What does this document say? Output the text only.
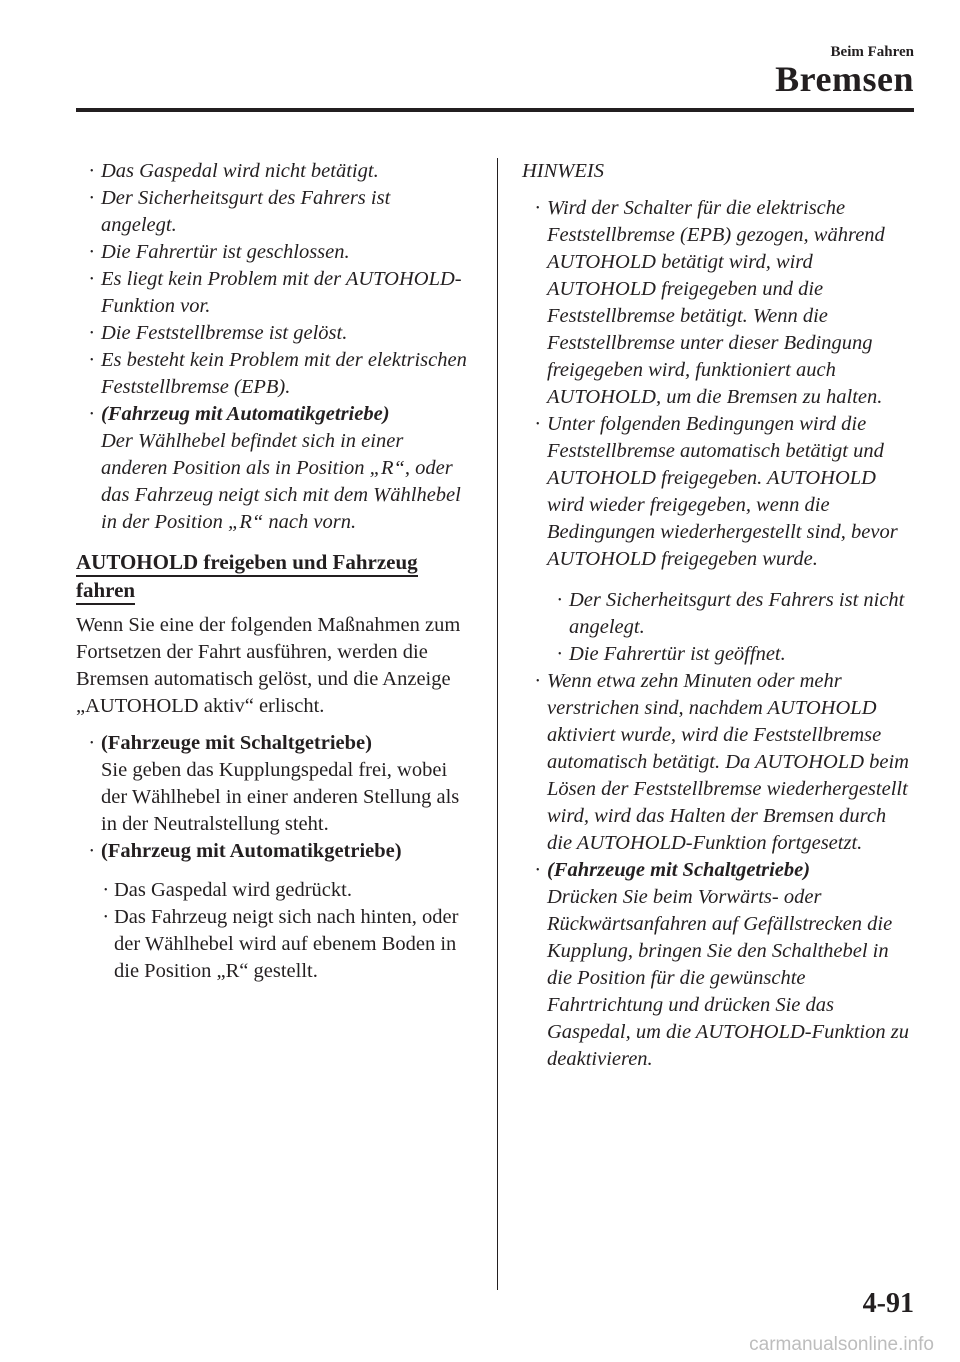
Beim Fahren
Bremsen
• Das Gaspedal wird nicht betätigt.
• Der Sicherheitsgurt des Fahrers ist angelegt.
• Die Fahrertür ist geschlossen.
• Es liegt kein Problem mit der AUTOHOLD-Funktion vor.
• Die Feststellbremse ist gelöst.
• Es besteht kein Problem mit der elektrischen Feststellbremse (EPB).
• (Fahrzeug mit Automatikgetriebe)
Der Wählhebel befindet sich in einer anderen Position als in Position „R“, oder das Fahrzeug neigt sich mit dem Wählhebel in der Position „R“ nach vorn.
AUTOHOLD freigeben und Fahrzeug fahren
Wenn Sie eine der folgenden Maßnahmen zum Fortsetzen der Fahrt ausführen, werden die Bremsen automatisch gelöst, und die Anzeige „AUTOHOLD aktiv“ erlischt.
• (Fahrzeuge mit Schaltgetriebe)
Sie geben das Kupplungspedal frei, wobei der Wählhebel in einer anderen Stellung als in der Neutralstellung steht.
• (Fahrzeug mit Automatikgetriebe)
• Das Gaspedal wird gedrückt.
• Das Fahrzeug neigt sich nach hinten, oder der Wählhebel wird auf ebenem Boden in die Position „R“ gestellt.
HINWEIS
• Wird der Schalter für die elektrische Feststellbremse (EPB) gezogen, während AUTOHOLD betätigt wird, wird AUTOHOLD freigegeben und die Feststellbremse betätigt. Wenn die Feststellbremse unter dieser Bedingung freigegeben wird, funktioniert auch AUTOHOLD, um die Bremsen zu halten.
• Unter folgenden Bedingungen wird die Feststellbremse automatisch betätigt und AUTOHOLD freigegeben. AUTOHOLD wird wieder freigegeben, wenn die Bedingungen wiederhergestellt sind, bevor AUTOHOLD freigegeben wurde.
• Der Sicherheitsgurt des Fahrers ist nicht angelegt.
• Die Fahrertür ist geöffnet.
• Wenn etwa zehn Minuten oder mehr verstrichen sind, nachdem AUTOHOLD aktiviert wurde, wird die Feststellbremse automatisch betätigt. Da AUTOHOLD beim Lösen der Feststellbremse wiederhergestellt wird, wird das Halten der Bremsen durch die AUTOHOLD-Funktion fortgesetzt.
• (Fahrzeuge mit Schaltgetriebe)
Drücken Sie beim Vorwärts- oder Rückwärtsanfahren auf Gefällstrecken die Kupplung, bringen Sie den Schalthebel in die Position für die gewünschte Fahrtrichtung und drücken Sie das Gaspedal, um die AUTOHOLD-Funktion zu deaktivieren.
4-91
carmanualsonline.info
